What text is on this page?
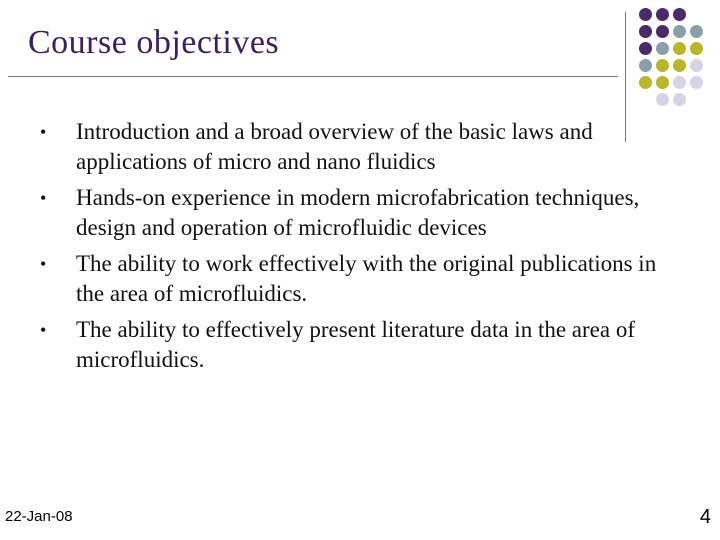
Course objectives
• Introduction and a broad overview of the basic laws and applications of micro and nano fluidics
• Hands-on experience in modern microfabrication techniques, design and operation of microfluidic devices
• The ability to work effectively with the original publications in the area of microfluidics.
• The ability to effectively present literature data in the area of microfluidics.
22-Jan-08	4
